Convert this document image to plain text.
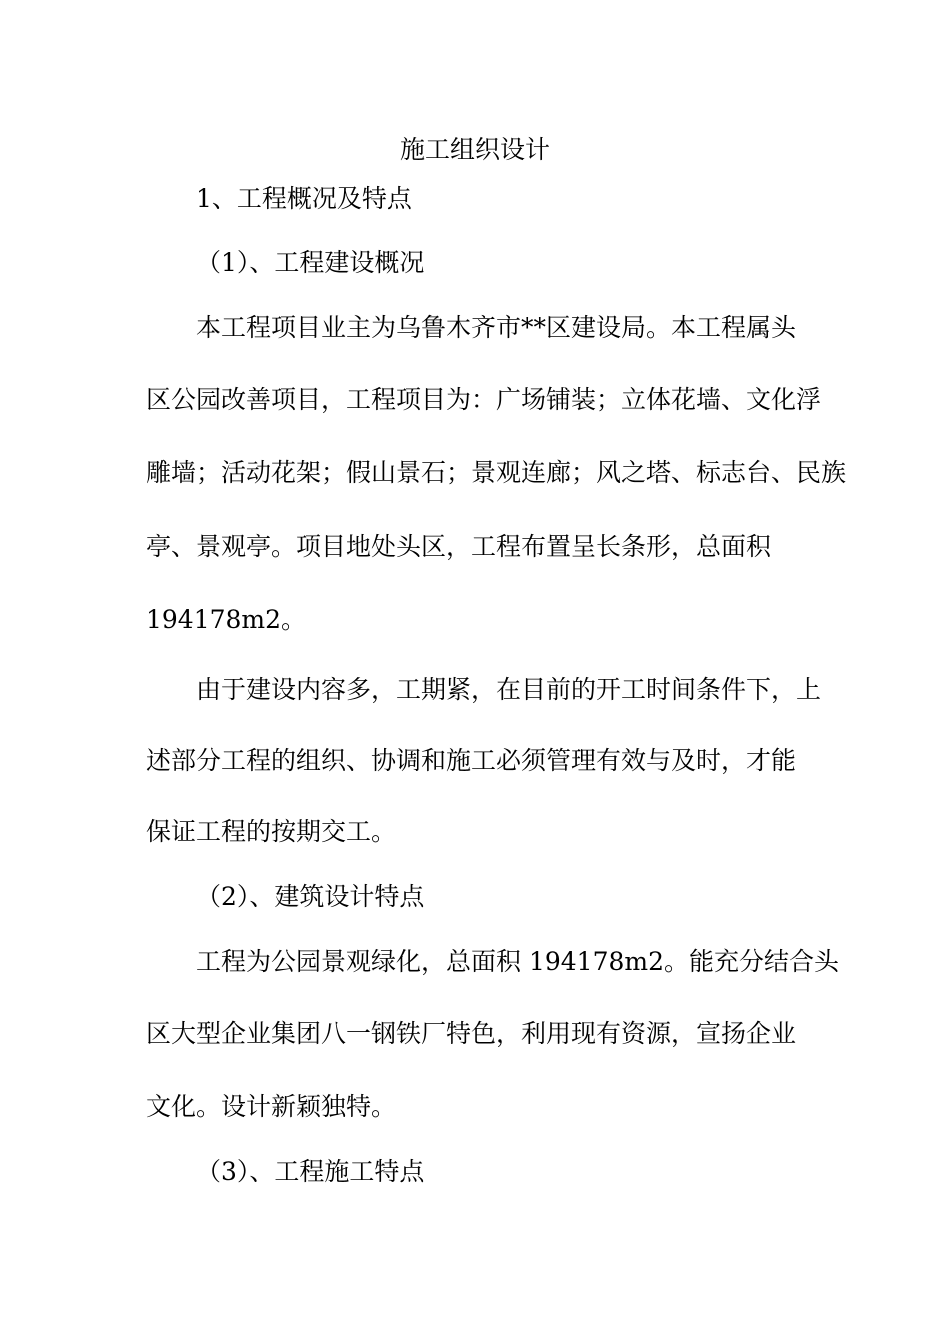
施工组织设计
1、工程概况及特点
（1）、工程建设概况
本工程项目业主为乌鲁木齐市**区建设局。本工程属头
区公园改善项目，工程项目为：广场铺装；立体花墙、文化浮
雕墙；活动花架；假山景石；景观连廊；风之塔、标志台、民族
亭、景观亭。项目地处头区，工程布置呈长条形，总面积
194178m2。
由于建设内容多，工期紧，在目前的开工时间条件下，上
述部分工程的组织、协调和施工必须管理有效与及时，才能
保证工程的按期交工。
（2）、建筑设计特点
工程为公园景观绿化，总面积 194178m2。能充分结合头
区大型企业集团八一钢铁厂特色，利用现有资源，宣扬企业
文化。设计新颖独特。
（3）、工程施工特点
